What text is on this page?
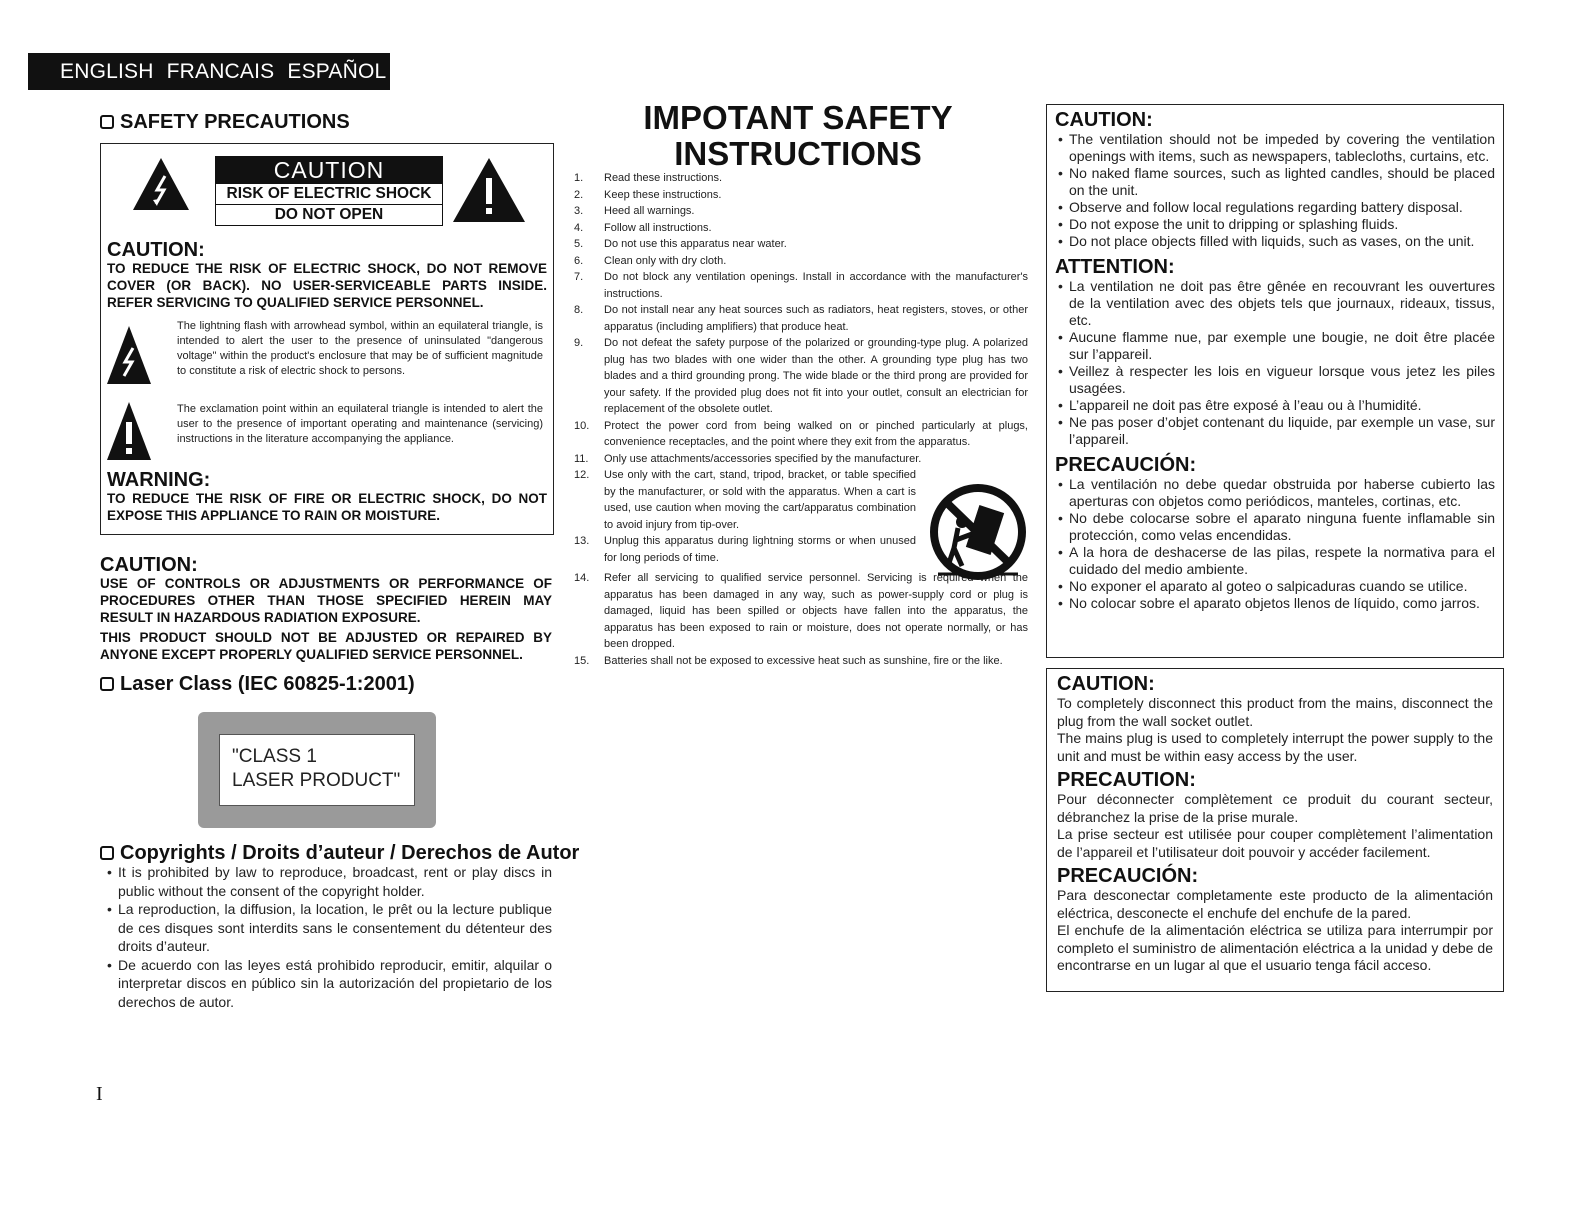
ENGLISH FRANCAIS ESPAÑOL
SAFETY PRECAUTIONS
CAUTION
RISK OF ELECTRIC SHOCK
DO NOT OPEN
CAUTION:
TO REDUCE THE RISK OF ELECTRIC SHOCK, DO NOT REMOVE COVER (OR BACK). NO USER-SERVICEABLE PARTS INSIDE. REFER SERVICING TO QUALIFIED SERVICE PERSONNEL.
The lightning flash with arrowhead symbol, within an equilateral triangle, is intended to alert the user to the presence of uninsulated "dangerous voltage" within the product's enclosure that may be of sufficient magnitude to constitute a risk of electric shock to persons.
The exclamation point within an equilateral triangle is intended to alert the user to the presence of important operating and maintenance (servicing) instructions in the literature accompanying the appliance.
WARNING:
TO REDUCE THE RISK OF FIRE OR ELECTRIC SHOCK, DO NOT EXPOSE THIS APPLIANCE TO RAIN OR MOISTURE.
CAUTION:
USE OF CONTROLS OR ADJUSTMENTS OR PERFORMANCE OF PROCEDURES OTHER THAN THOSE SPECIFIED HEREIN MAY RESULT IN HAZARDOUS RADIATION EXPOSURE.
THIS PRODUCT SHOULD NOT BE ADJUSTED OR REPAIRED BY ANYONE EXCEPT PROPERLY QUALIFIED SERVICE PERSONNEL.
Laser Class (IEC 60825-1:2001)
"CLASS 1
LASER PRODUCT"
Copyrights / Droits d’auteur / Derechos de Autor
• It is prohibited by law to reproduce, broadcast, rent or play discs in public without the consent of the copyright holder.
• La reproduction, la diffusion, la location, le prêt ou la lecture publique de ces disques sont interdits sans le consentement du détenteur des droits d’auteur.
• De acuerdo con las leyes está prohibido reproducir, emitir, alquilar o interpretar discos en público sin la autorización del propietario de los derechos de autor.
I
IMPOTANT SAFETY
INSTRUCTIONS
1.	Read these instructions.
2.	Keep these instructions.
3.	Heed all warnings.
4.	Follow all instructions.
5.	Do not use this apparatus near water.
6.	Clean only with dry cloth.
7.	Do not block any ventilation openings. Install in accordance with the manufacturer's instructions.
8.	Do not install near any heat sources such as radiators, heat registers, stoves, or other apparatus (including amplifiers) that produce heat.
9.	Do not defeat the safety purpose of the polarized or grounding-type plug. A polarized plug has two blades with one wider than the other. A grounding type plug has two blades and a third grounding prong. The wide blade or the third prong are provided for your safety. If the provided plug does not fit into your outlet, consult an electrician for replacement of the obsolete outlet.
10.	Protect the power cord from being walked on or pinched particularly at plugs, convenience receptacles, and the point where they exit from the apparatus.
11.	Only use attachments/accessories specified by the manufacturer.
12.	Use only with the cart, stand, tripod, bracket, or table specified by the manufacturer, or sold with the apparatus. When a cart is used, use caution when moving the cart/apparatus combination to avoid injury from tip-over.
13.	Unplug this apparatus during lightning storms or when unused for long periods of time.
14.	Refer all servicing to qualified service personnel. Servicing is required when the apparatus has been damaged in any way, such as power-supply cord or plug is damaged, liquid has been spilled or objects have fallen into the apparatus, the apparatus has been exposed to rain or moisture, does not operate normally, or has been dropped.
15.	Batteries shall not be exposed to excessive heat such as sunshine, fire or the like.
CAUTION:
• The ventilation should not be impeded by covering the ventilation openings with items, such as newspapers, tablecloths, curtains, etc.
• No naked flame sources, such as lighted candles, should be placed on the unit.
• Observe and follow local regulations regarding battery disposal.
• Do not expose the unit to dripping or splashing fluids.
• Do not place objects filled with liquids, such as vases, on the unit.
ATTENTION:
• La ventilation ne doit pas être gênée en recouvrant les ouvertures de la ventilation avec des objets tels que journaux, rideaux, tissus, etc.
• Aucune flamme nue, par exemple une bougie, ne doit être placée sur l’appareil.
• Veillez à respecter les lois en vigueur lorsque vous jetez les piles usagées.
• L’appareil ne doit pas être exposé à l’eau ou à l’humidité.
• Ne pas poser d’objet contenant du liquide, par exemple un vase, sur l’appareil.
PRECAUCIÓN:
• La ventilación no debe quedar obstruida por haberse cubierto las aperturas con objetos como periódicos, manteles, cortinas, etc.
• No debe colocarse sobre el aparato ninguna fuente inflamable sin protección, como velas encendidas.
• A la hora de deshacerse de las pilas, respete la normativa para el cuidado del medio ambiente.
• No exponer el aparato al goteo o salpicaduras cuando se utilice.
• No colocar sobre el aparato objetos llenos de líquido, como jarros.
CAUTION:

To completely disconnect this product from the mains, disconnect the plug from the wall socket outlet.

The mains plug is used to completely interrupt the power supply to the unit and must be within easy access by the user.

PRECAUTION:

Pour déconnecter complètement ce produit du courant secteur, débranchez la prise de la prise murale.

La prise secteur est utilisée pour couper complètement l’alimentation de l’appareil et l’utilisateur doit pouvoir y accéder facilement.

PRECAUCIÓN:

Para desconectar completamente este producto de la alimentación eléctrica, desconecte el enchufe del enchufe de la pared.

El enchufe de la alimentación eléctrica se utiliza para interrumpir por completo el suministro de alimentación eléctrica a la unidad y debe de encontrarse en un lugar al que el usuario tenga fácil acceso.
